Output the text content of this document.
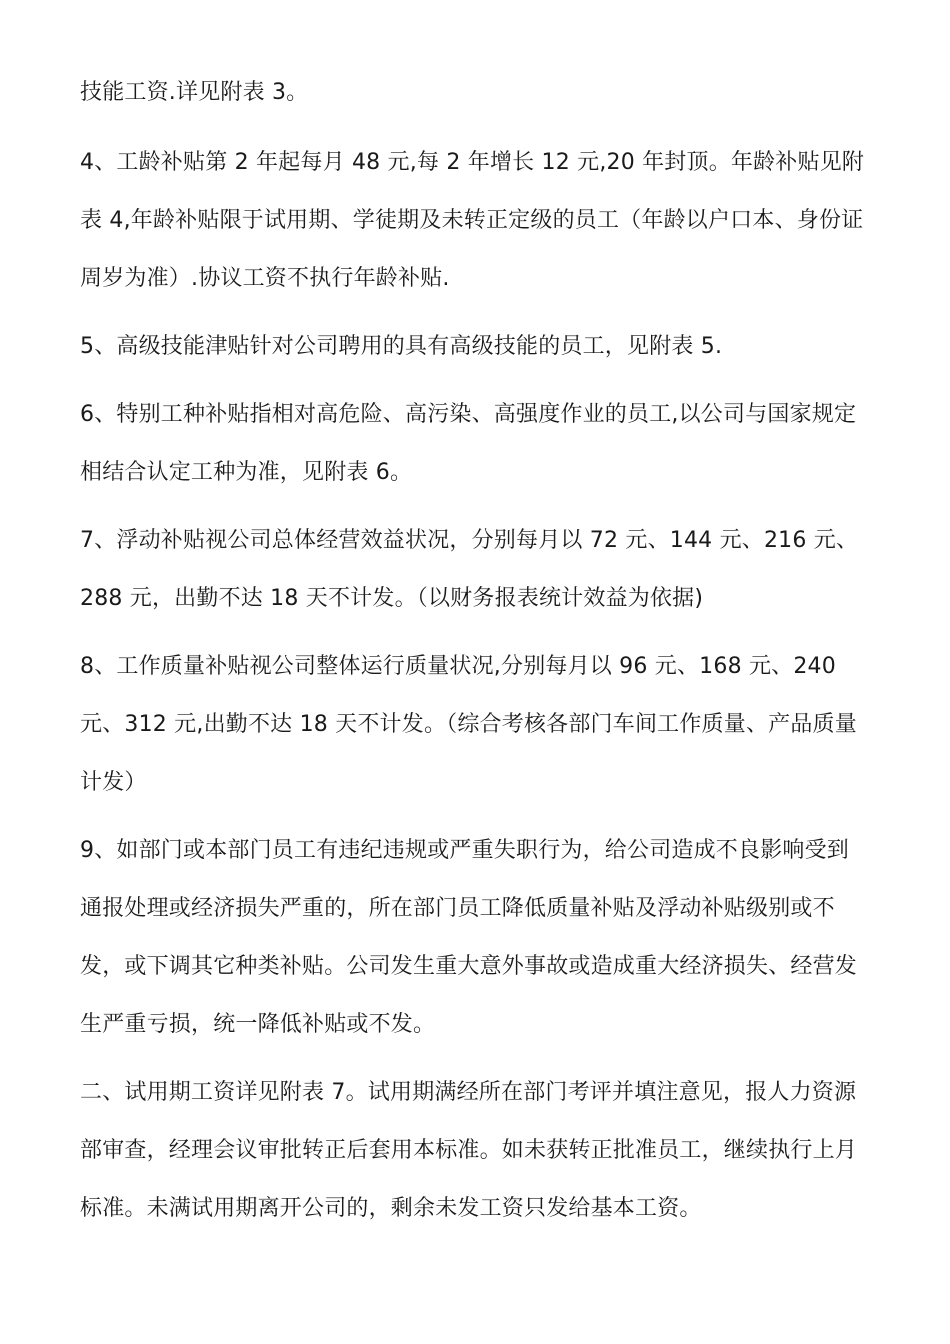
技能工资.详见附表 3。

4、工龄补贴第 2 年起每月 48 元,每 2 年增长 12 元,20 年封顶。年龄补贴见附表 4,年龄补贴限于试用期、学徒期及未转正定级的员工（年龄以户口本、身份证周岁为准）.协议工资不执行年龄补贴.

5、高级技能津贴针对公司聘用的具有高级技能的员工，见附表 5.

6、特别工种补贴指相对高危险、高污染、高强度作业的员工,以公司与国家规定相结合认定工种为准，见附表 6。

7、浮动补贴视公司总体经营效益状况，分别每月以 72 元、144 元、216 元、288 元，出勤不达 18 天不计发。（以财务报表统计效益为依据)

8、工作质量补贴视公司整体运行质量状况,分别每月以 96 元、168 元、240 元、312 元,出勤不达 18 天不计发。（综合考核各部门车间工作质量、产品质量计发）

9、如部门或本部门员工有违纪违规或严重失职行为，给公司造成不良影响受到通报处理或经济损失严重的，所在部门员工降低质量补贴及浮动补贴级别或不发，或下调其它种类补贴。公司发生重大意外事故或造成重大经济损失、经营发生严重亏损，统一降低补贴或不发。

二、试用期工资详见附表 7。试用期满经所在部门考评并填注意见，报人力资源部审查，经理会议审批转正后套用本标准。如未获转正批准员工，继续执行上月标准。未满试用期离开公司的，剩余未发工资只发给基本工资。
